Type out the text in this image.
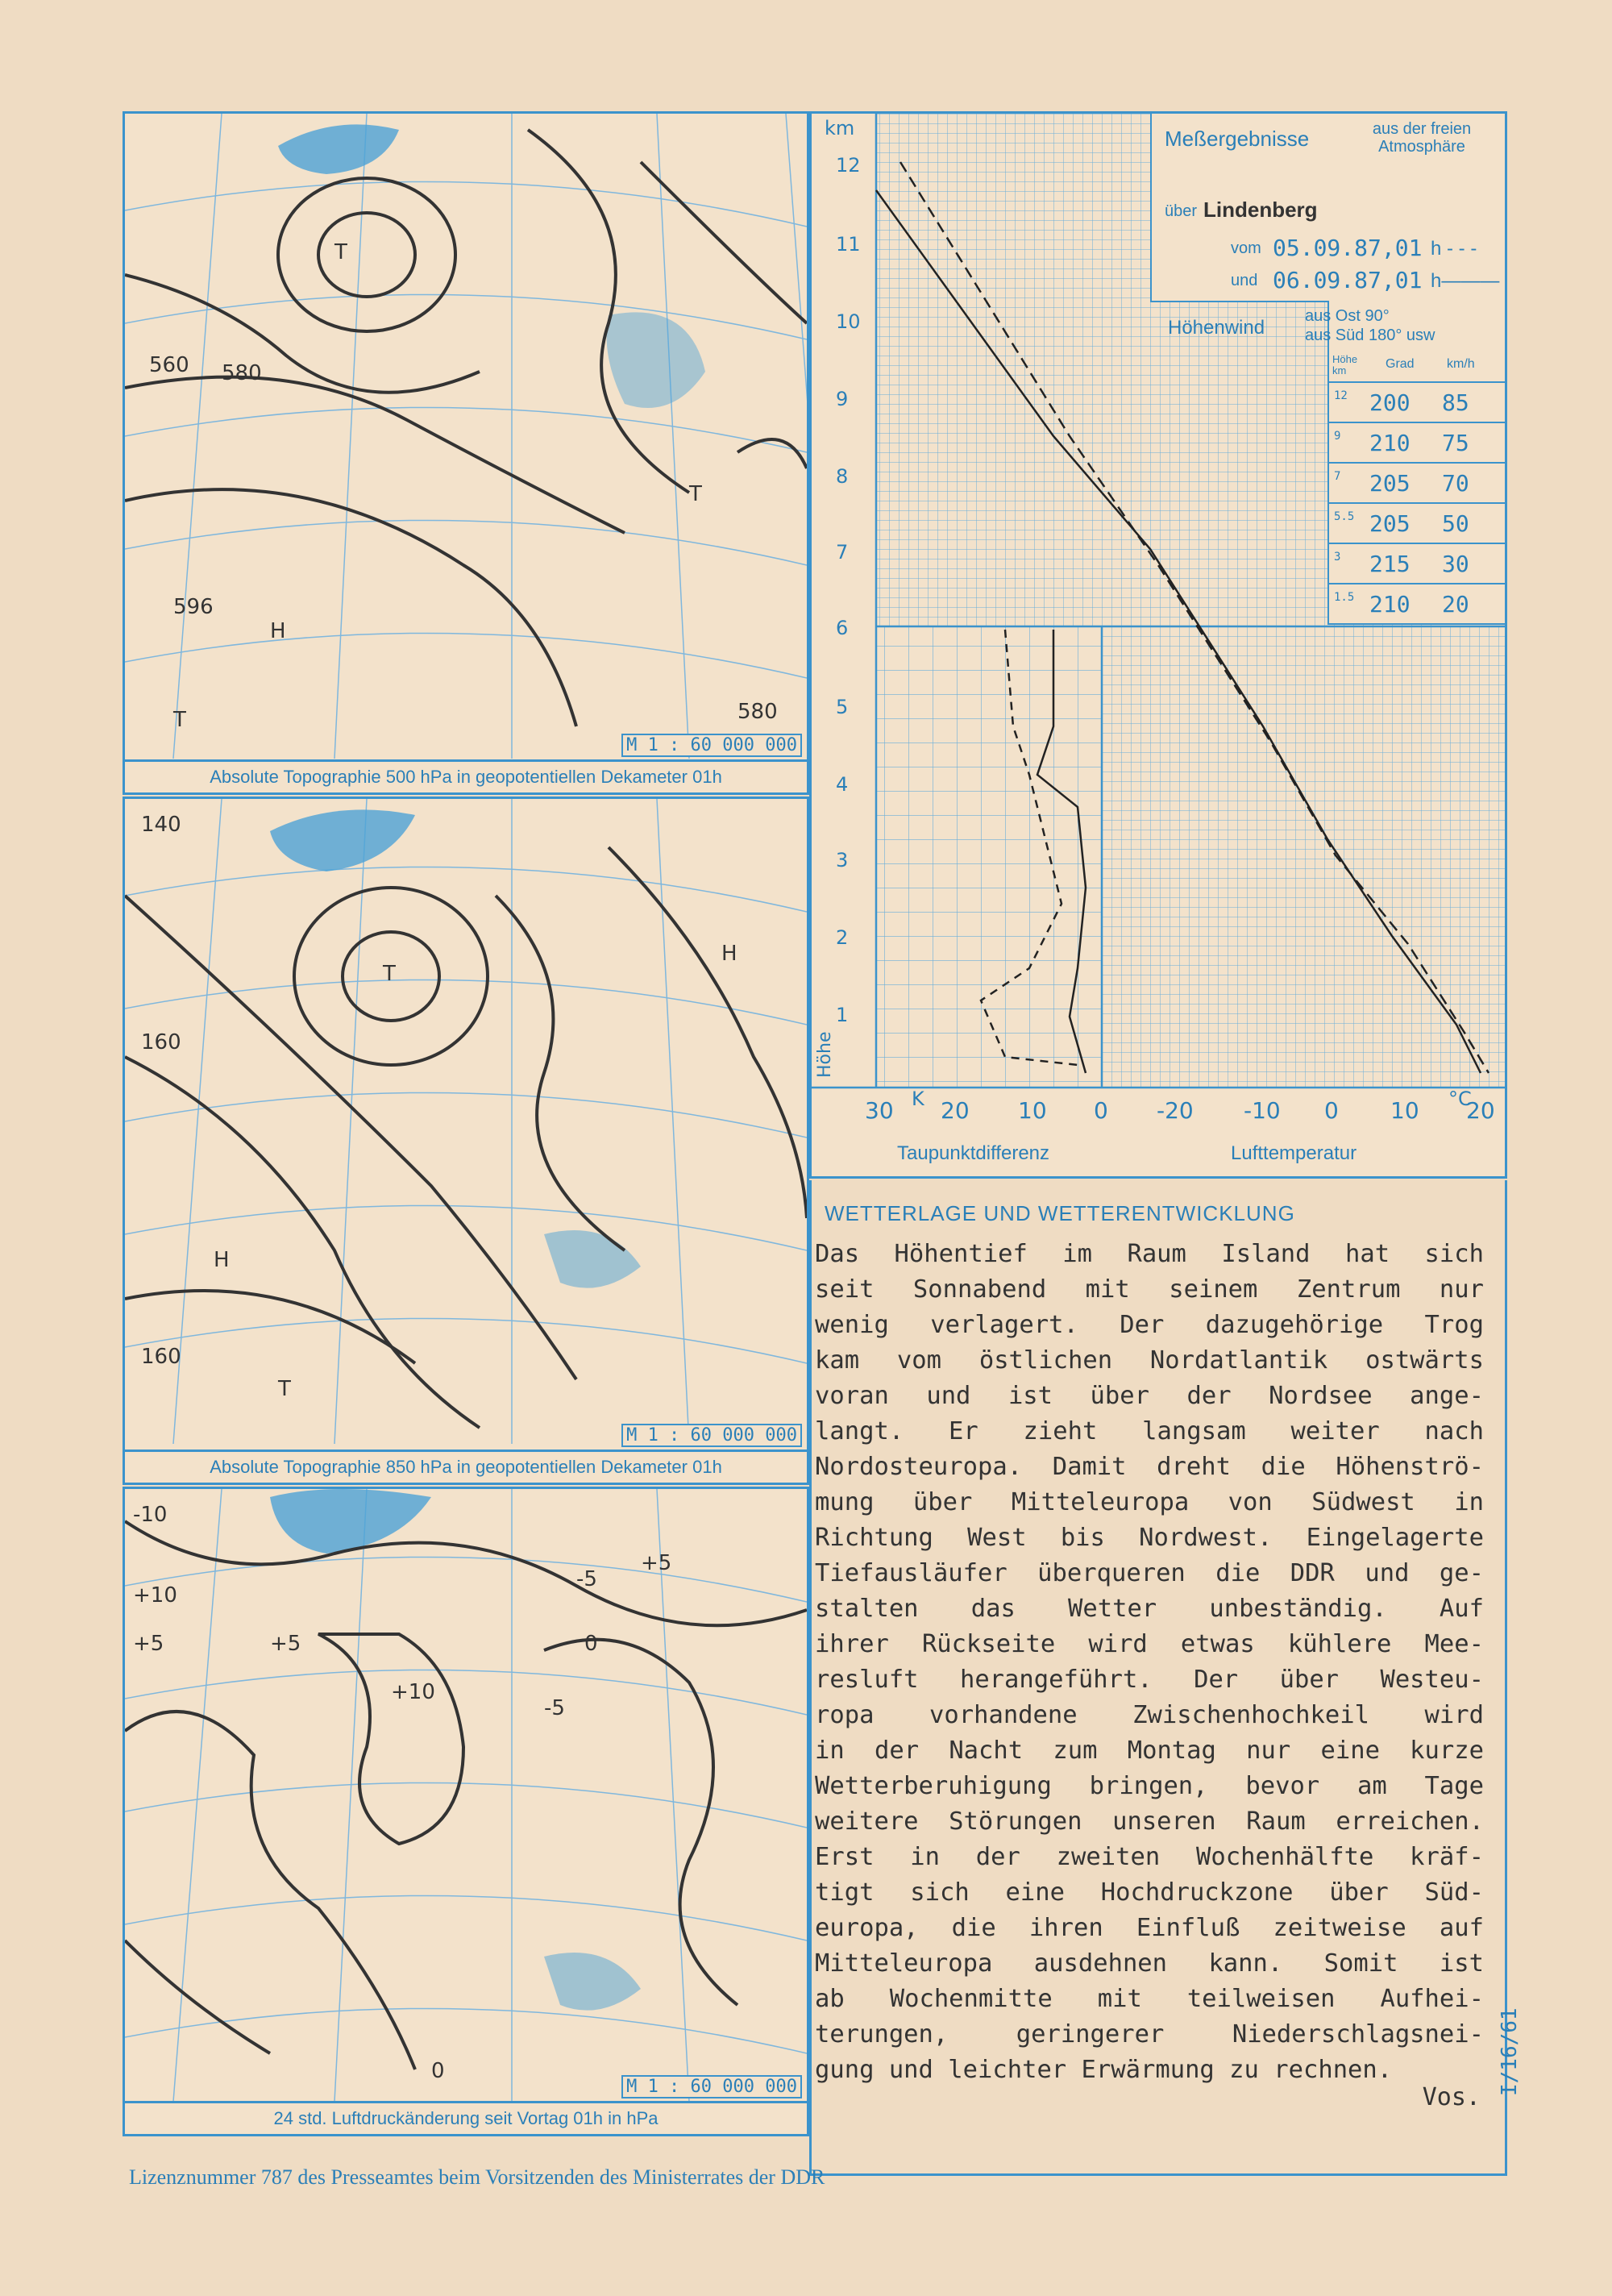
T
H
T
T
580
560
596
580
M 1 : 60 000 000
Absolute Topographie 500 hPa in geopotentiellen Dekameter 01h
T
H
T
H
140
160
160
M 1 : 60 000 000
Absolute Topographie 850 hPa in geopotentiellen Dekameter 01h
+10
+5	+5
+10
0
-5
-5
-10
0
+5
M 1 : 60 000 000
24 std. Luftdruckänderung seit Vortag 01h in hPa
km
12
11
10
9
8
7
6
5
4
3
2
1
Höhe
30 K 20 10 0 -20 -10 0 10 °C
20
Taupunktdifferenz	Lufttemperatur
Meßergebnisse	aus der freien Atmosphäre
über Lindenberg
vom 05.09.87,01 h - - -
und 06.09.87,01 h———
Höhenwind
aus Ost 90°
aus Süd 180° usw
Höhe km	Grad	km/h
12 200 85
9 210 75
7 205 70
5.5 205 50
3 215 30
1.5 210 20
WETTERLAGE UND WETTERENTWICKLUNG

Das Höhentief im Raum Island hat sich

seit Sonnabend mit seinem Zentrum nur

wenig verlagert. Der dazugehörige Trog

kam vom östlichen Nordatlantik ostwärts

voran und ist über der Nordsee ange-

langt. Er zieht langsam weiter nach

Nordosteuropa. Damit dreht die Höhenströ-

mung über Mitteleuropa von Südwest in

Richtung West bis Nordwest. Eingelagerte

Tiefausläufer überqueren die DDR und ge-

stalten das Wetter unbeständig. Auf

ihrer Rückseite wird etwas kühlere Mee-

resluft herangeführt. Der über Westeu-

ropa vorhandene Zwischenhochkeil wird

in der Nacht zum Montag nur eine kurze

Wetterberuhigung bringen, bevor am Tage

weitere Störungen unseren Raum erreichen.

Erst in der zweiten Wochenhälfte kräf-

tigt sich eine Hochdruckzone über Süd-

europa, die ihren Einfluß zeitweise auf

Mitteleuropa ausdehnen kann. Somit ist

ab Wochenmitte mit teilweisen Aufhei-

terungen, geringerer Niederschlagsnei-

gung und leichter Erwärmung zu rechnen.

Vos.
Lizenznummer 787 des Presseamtes beim Vorsitzenden des Ministerrates der DDR
I/16/61
